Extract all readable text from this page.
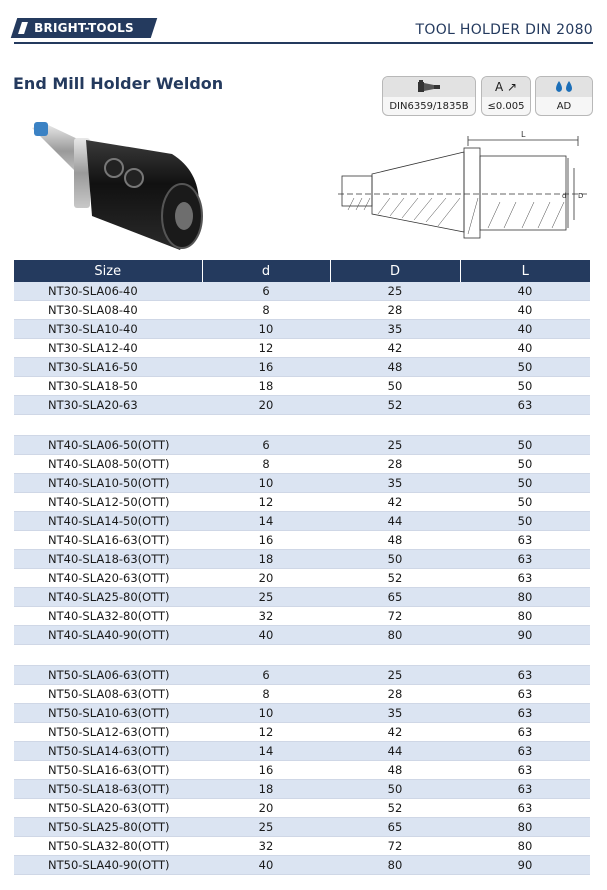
BRIGHT-TOOLS	TOOL HOLDER DIN 2080
End Mill Holder Weldon
DIN6359/1835B
A ↗
≤0.005	AD
L
d D
Size	d	D	L
NT30-SLA06-40	6	25	40
NT30-SLA08-40	8	28	40
NT30-SLA10-40	10	35	40
NT30-SLA12-40	12	42	40
NT30-SLA16-50	16	48	50
NT30-SLA18-50	18	50	50
NT30-SLA20-63	20	52	63

NT40-SLA06-50(OTT)	6	25	50
NT40-SLA08-50(OTT)	8	28	50
NT40-SLA10-50(OTT)	10	35	50
NT40-SLA12-50(OTT)	12	42	50
NT40-SLA14-50(OTT)	14	44	50
NT40-SLA16-63(OTT)	16	48	63
NT40-SLA18-63(OTT)	18	50	63
NT40-SLA20-63(OTT)	20	52	63
NT40-SLA25-80(OTT)	25	65	80
NT40-SLA32-80(OTT)	32	72	80
NT40-SLA40-90(OTT)	40	80	90

NT50-SLA06-63(OTT)	6	25	63
NT50-SLA08-63(OTT)	8	28	63
NT50-SLA10-63(OTT)	10	35	63
NT50-SLA12-63(OTT)	12	42	63
NT50-SLA14-63(OTT)	14	44	63
NT50-SLA16-63(OTT)	16	48	63
NT50-SLA18-63(OTT)	18	50	63
NT50-SLA20-63(OTT)	20	52	63
NT50-SLA25-80(OTT)	25	65	80
NT50-SLA32-80(OTT)	32	72	80
NT50-SLA40-90(OTT)	40	80	90
